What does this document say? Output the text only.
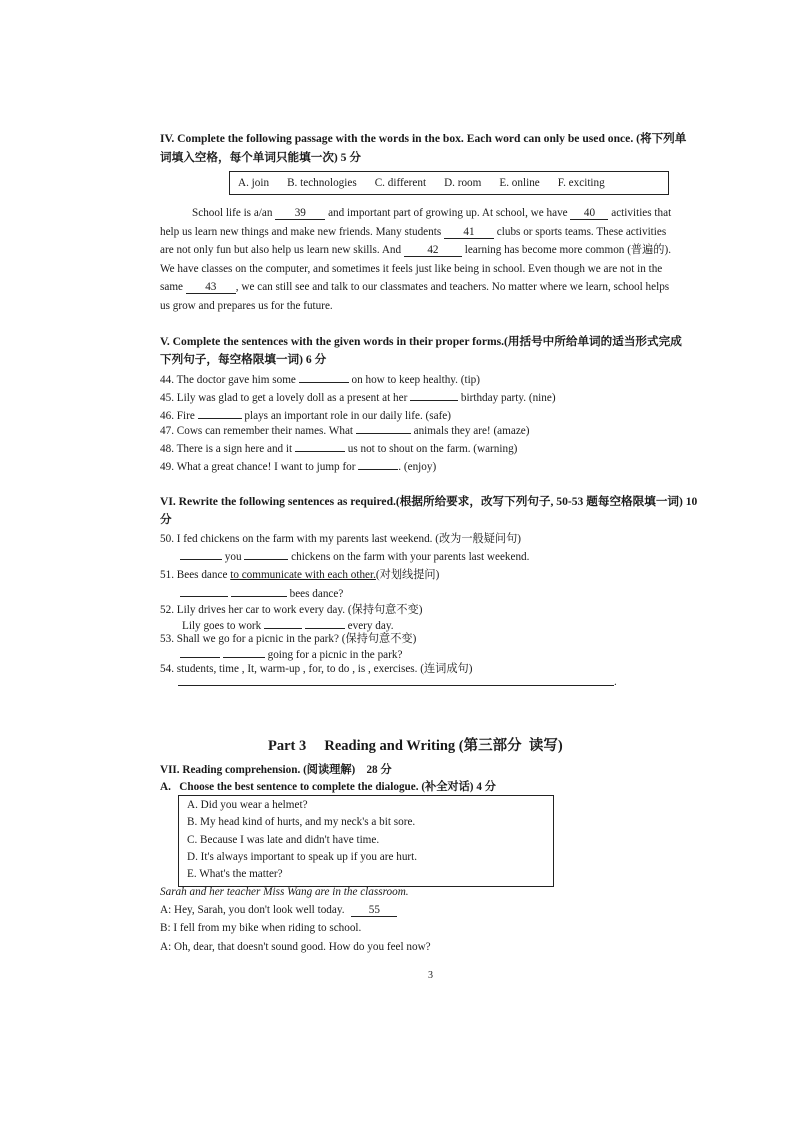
IV. Complete the following passage with the words in the box. Each word can only be used once. (将下列单
词填入空格，每个单词只能填一次) 5 分
A. join B. technologies C. different D. room E. online F. exciting
School life is a/an 39 and important part of growing up. At school, we have 40 activities that
help us learn new things and make new friends. Many students 41 clubs or sports teams. These activities
are not only fun but also help us learn new skills. And 42 learning has become more common (普遍的).
We have classes on the computer, and sometimes it feels just like being in school. Even though we are not in the
same 43 , we can still see and talk to our classmates and teachers. No matter where we learn, school helps
us grow and prepares us for the future.
V. Complete the sentences with the given words in their proper forms.(用括号中所给单词的适当形式完成
下列句子，每空格限填一词) 6 分
44. The doctor gave him some	on how to keep healthy. (tip)
45. Lily was glad to get a lovely doll as a present at her	birthday party. (nine)
46. Fire	plays an important role in our daily life. (safe)
47. Cows can remember their names. What	animals they are! (amaze)
48. There is a sign here and it	us not to shout on the farm. (warning)
49. What a great chance! I want to jump for	. (enjoy)
VI. Rewrite the following sentences as required.(根据所给要求，改写下列句子, 50-53 题每空格限填一词) 10
分
50. I fed chickens on the farm with my parents last weekend. (改为一般疑问句)
you	chickens on the farm with your parents last weekend.
51. Bees dance to communicate with each other.(对划线提问)
bees dance?
52. Lily drives her car to work every day. (保持句意不变)
Lily goes to work	every day.
53. Shall we go for a picnic in the park? (保持句意不变)
going for a picnic in the park?
54. students, time , It, warm-up , for, to do , is , exercises. (连词成句)
.
Part 3     Reading and Writing (第三部分  读写)
VII. Reading comprehension. (阅读理解)    28 分
A.   Choose the best sentence to complete the dialogue. (补全对话) 4 分
A. Did you wear a helmet?
B. My head kind of hurts, and my neck's a bit sore.
C. Because I was late and didn't have time.
D. It's always important to speak up if you are hurt.
E. What's the matter?
Sarah and her teacher Miss Wang are in the classroom.
A: Hey, Sarah, you don't look well today. 55
B: I fell from my bike when riding to school.
A: Oh, dear, that doesn't sound good. How do you feel now?
3
